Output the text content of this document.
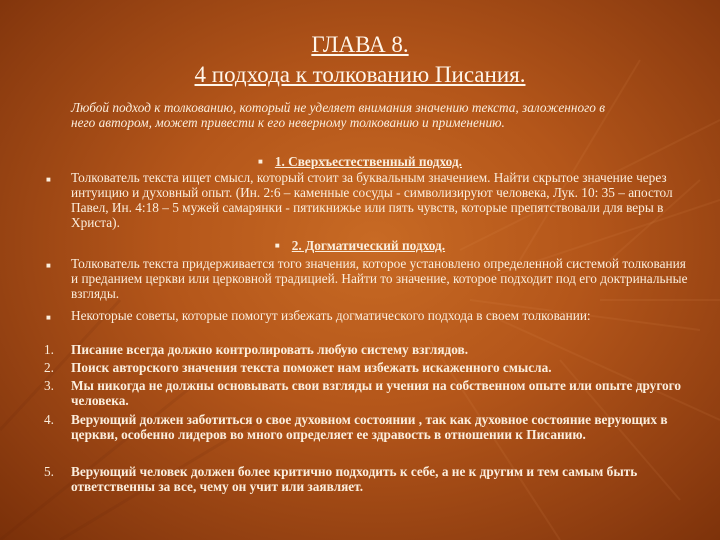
ГЛАВА 8.
4 подхода к толкованию Писания.
Любой подход к толкованию, который не уделяет внимания значению текста, заложенного в него автором, может привести к его неверному толкованию и применению.
■ 1. Сверхъестественный подход.
■	Толкователь текста ищет смысл, который стоит за буквальным значением. Найти скрытое значение через интуицию и духовный опыт. (Ин. 2:6 – каменные сосуды - символизируют человека, Лук. 10: 35 – апостол Павел, Ин. 4:18 – 5 мужей самарянки - пятикнижье или пять чувств, которые препятствовали для веры в Христа).
■ 2. Догматический подход.
■	Толкователь текста придерживается того значения, которое установлено определенной системой толкования и преданием церкви или церковной традицией. Найти то значение, которое подходит под его доктринальные взгляды.
■	Некоторые советы, которые помогут избежать догматического подхода в своем толковании:
1.	Писание всегда должно контролировать любую систему взглядов.
2.	Поиск авторского значения текста поможет нам избежать искаженного смысла.
3.	Мы никогда не должны основывать свои взгляды и учения на собственном опыте или опыте другого человека.
4.	Верующий должен заботиться о свое духовном состоянии , так как духовное состояние верующих в церкви, особенно лидеров во много определяет ее здравость в отношении к Писанию.
5.	Верующий человек должен более критично подходить к себе, а не к другим и тем самым быть ответственны за все, чему он учит или заявляет.
